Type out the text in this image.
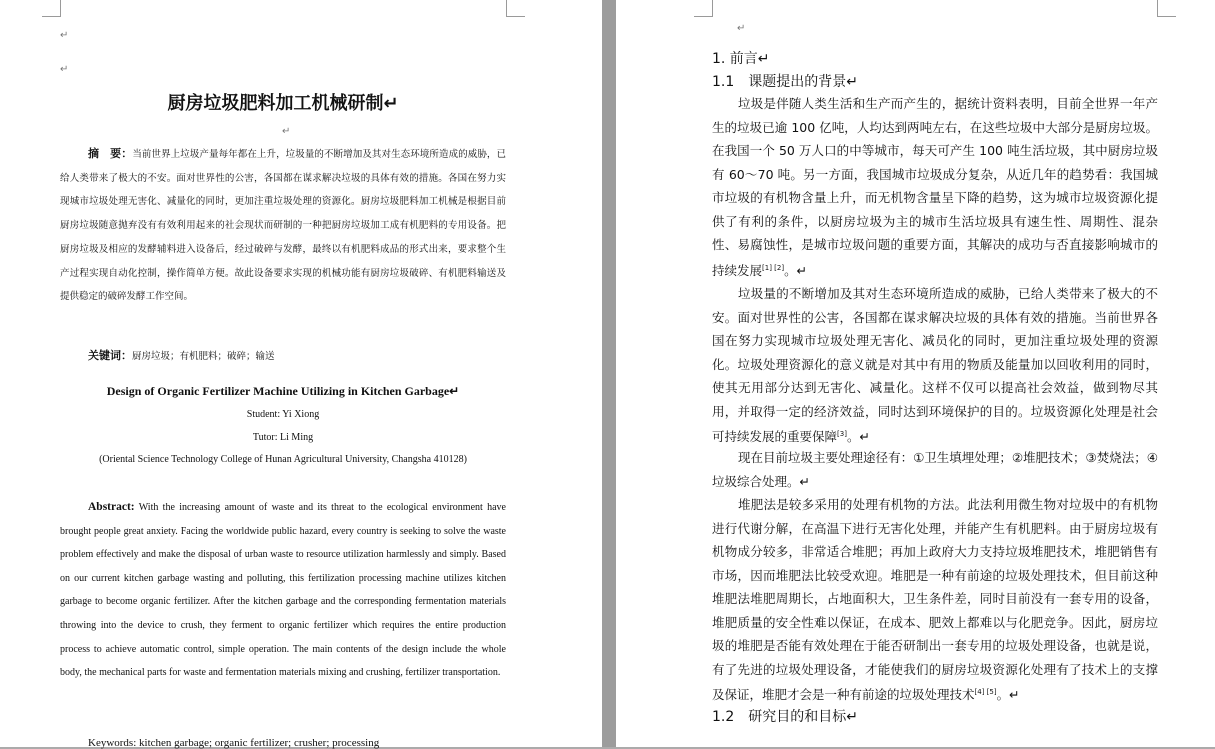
↵
↵
厨房垃圾肥料加工机械研制↵
↵
摘　要：当前世界上垃圾产量每年都在上升，垃圾量的不断增加及其对生态环境所造成的威胁，已给人类带来了极大的不安。面对世界性的公害，各国都在谋求解决垃圾的具体有效的措施。各国在努力实现城市垃圾处理无害化、减量化的同时，更加注重垃圾处理的资源化。厨房垃圾肥料加工机械是根据目前厨房垃圾随意抛弃没有有效利用起来的社会现状而研制的一种把厨房垃圾加工成有机肥料的专用设备。把厨房垃圾及相应的发酵辅料进入设备后，经过破碎与发酵，最终以有机肥料成品的形式出来，要求整个生产过程实现自动化控制，操作简单方便。故此设备要求实现的机械功能有厨房垃圾破碎、有机肥料输送及提供稳定的破碎发酵工作空间。
关键词：厨房垃圾；有机肥料；破碎；输送
Design of Organic Fertilizer Machine Utilizing in Kitchen Garbage↵
Student: Yi Xiong
Tutor: Li Ming
(Oriental Science Technology College of Hunan Agricultural University, Changsha 410128)
Abstract: With the increasing amount of waste and its threat to the ecological environment have brought people great anxiety. Facing the worldwide public hazard, every country is seeking to solve the waste problem effectively and make the disposal of urban waste to resource utilization harmlessly and simply. Based on our current kitchen garbage wasting and polluting, this fertilization processing machine utilizes kitchen garbage to become organic fertilizer. After the kitchen garbage and the corresponding fermentation materials throwing into the device to crush, they ferment to organic fertilizer which requires the entire production process to achieve automatic control, simple operation. The main contents of the design include the whole body, the mechanical parts for waste and fermentation materials mixing and crushing, fertilizer transportation.
Keywords: kitchen garbage; organic fertilizer; crusher; processing
↵
1. 前言↵
1.1　课题提出的背景↵
垃圾是伴随人类生活和生产而产生的，据统计资料表明，目前全世界一年产生的垃圾已逾 100 亿吨，人均达到两吨左右，在这些垃圾中大部分是厨房垃圾。在我国一个 50 万人口的中等城市，每天可产生 100 吨生活垃圾，其中厨房垃圾有 60～70 吨。另一方面，我国城市垃圾成分复杂，从近几年的趋势看：我国城市垃圾的有机物含量上升，而无机物含量呈下降的趋势，这为城市垃圾资源化提供了有利的条件，以厨房垃圾为主的城市生活垃圾具有速生性、周期性、混杂性、易腐蚀性，是城市垃圾问题的重要方面，其解决的成功与否直接影响城市的持续发展[1] [2]。↵
垃圾量的不断增加及其对生态环境所造成的威胁，已给人类带来了极大的不安。面对世界性的公害，各国都在谋求解决垃圾的具体有效的措施。当前世界各国在努力实现城市垃圾处理无害化、减员化的同时，更加注重垃圾处理的资源化。垃圾处理资源化的意义就是对其中有用的物质及能量加以回收利用的同时，使其无用部分达到无害化、减量化。这样不仅可以提高社会效益，做到物尽其用，并取得一定的经济效益，同时达到环境保护的目的。垃圾资源化处理是社会可持续发展的重要保障[3]。↵
现在目前垃圾主要处理途径有：①卫生填埋处理；②堆肥技术；③焚烧法；④垃圾综合处理。↵
堆肥法是较多采用的处理有机物的方法。此法利用微生物对垃圾中的有机物进行代谢分解，在高温下进行无害化处理，并能产生有机肥料。由于厨房垃圾有机物成分较多，非常适合堆肥；再加上政府大力支持垃圾堆肥技术，堆肥销售有市场，因而堆肥法比较受欢迎。堆肥是一种有前途的垃圾处理技术，但目前这种堆肥法堆肥周期长，占地面积大，卫生条件差，同时目前没有一套专用的设备，堆肥质量的安全性难以保证，在成本、肥效上都难以与化肥竞争。因此，厨房垃圾的堆肥是否能有效处理在于能否研制出一套专用的垃圾处理设备，也就是说，有了先进的垃圾处理设备，才能使我们的厨房垃圾资源化处理有了技术上的支撑及保证，堆肥才会是一种有前途的垃圾处理技术[4] [5]。↵
1.2　研究目的和目标↵
